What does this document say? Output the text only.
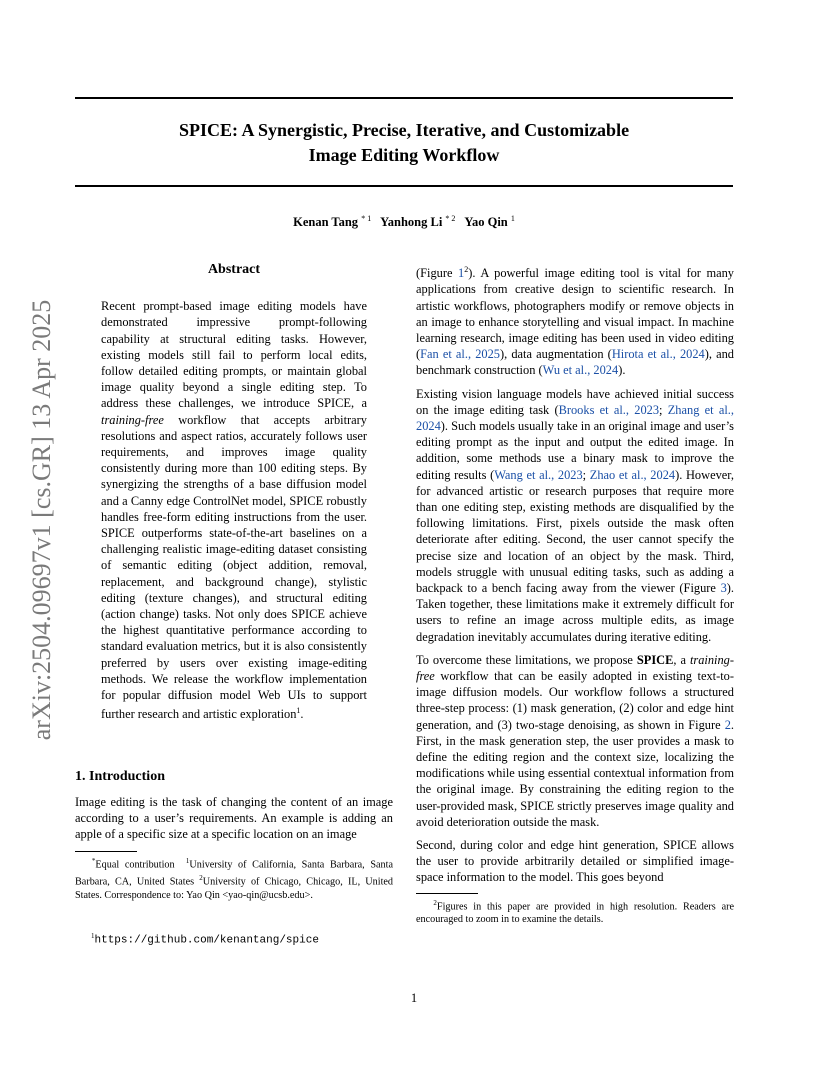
SPICE: A Synergistic, Precise, Iterative, and Customizable
Image Editing Workflow
Kenan Tang $^{* 1}$ Yanhong Li $^{* 2}$ Yao Qin $^1$
arXiv:2504.09697v1 [cs.GR] 13 Apr 2025
Abstract
Recent prompt-based image editing models have demonstrated impressive prompt-following capability at structural editing tasks. However, existing models still fail to perform local edits, follow detailed editing prompts, or maintain global image quality beyond a single editing step. To address these challenges, we introduce SPICE, a training-free workflow that accepts arbitrary resolutions and aspect ratios, accurately follows user requirements, and improves image quality consistently during more than 100 editing steps. By synergizing the strengths of a base diffusion model and a Canny edge ControlNet model, SPICE robustly handles free-form editing instructions from the user. SPICE outperforms state-of-the-art baselines on a challenging realistic image-editing dataset consisting of semantic editing (object addition, removal, replacement, and background change), stylistic editing (texture changes), and structural editing (action change) tasks. Not only does SPICE achieve the highest quantitative performance according to standard evaluation metrics, but it is also consistently preferred by users over existing image-editing methods. We release the workflow implementation for popular diffusion model Web UIs to support further research and artistic exploration$^1$.
1. Introduction
Image editing is the task of changing the content of an image according to a user’s requirements. An example is adding an apple of a specific size at a specific location on an image
*Equal contribution $^1$University of California, Santa Barbara, Santa Barbara, CA, United States $^2$University of Chicago, Chicago, IL, United States. Correspondence to: Yao Qin <yao-qin@ucsb.edu>.
$^1$https://github.com/kenantang/spice

(Figure $1^2$). A powerful image editing tool is vital for many applications from creative design to scientific research. In artistic workflows, photographers modify or remove objects in an image to enhance storytelling and visual impact. In machine learning research, image editing has been used in video editing (Fan et al., 2025), data augmentation (Hirota et al., 2024), and benchmark construction (Wu et al., 2024).

Existing vision language models have achieved initial success on the image editing task (Brooks et al., 2023; Zhang et al., 2024). Such models usually take in an original image and user’s editing prompt as the input and output the edited image. In addition, some methods use a binary mask to improve the editing results (Wang et al., 2023; Zhao et al., 2024). However, for advanced artistic or research purposes that require more than one editing step, existing methods are disqualified by the following limitations. First, pixels outside the mask often deteriorate after editing. Second, the user cannot specify the precise size and location of an object by the mask. Third, models struggle with unusual editing tasks, such as adding a backpack to a bench facing away from the viewer (Figure 3). Taken together, these limitations make it extremely difficult for users to refine an image across multiple edits, as image degradation inevitably accumulates during iterative editing.

To overcome these limitations, we propose SPICE, a training-free workflow that can be easily adopted in existing text-to-image diffusion models. Our workflow follows a structured three-step process: (1) mask generation, (2) color and edge hint generation, and (3) two-stage denoising, as shown in Figure 2. First, in the mask generation step, the user provides a mask to define the editing region and the context size, localizing the modifications while using essential contextual information from the original image. By constraining the editing region to the user-provided mask, SPICE strictly preserves image quality and avoid deterioration outside the mask.

Second, during color and edge hint generation, SPICE allows the user to provide arbitrarily detailed or simplified image-space information to the model. This goes beyond

$^2$Figures in this paper are provided in high resolution. Readers are encouraged to zoom in to examine the details.
1
